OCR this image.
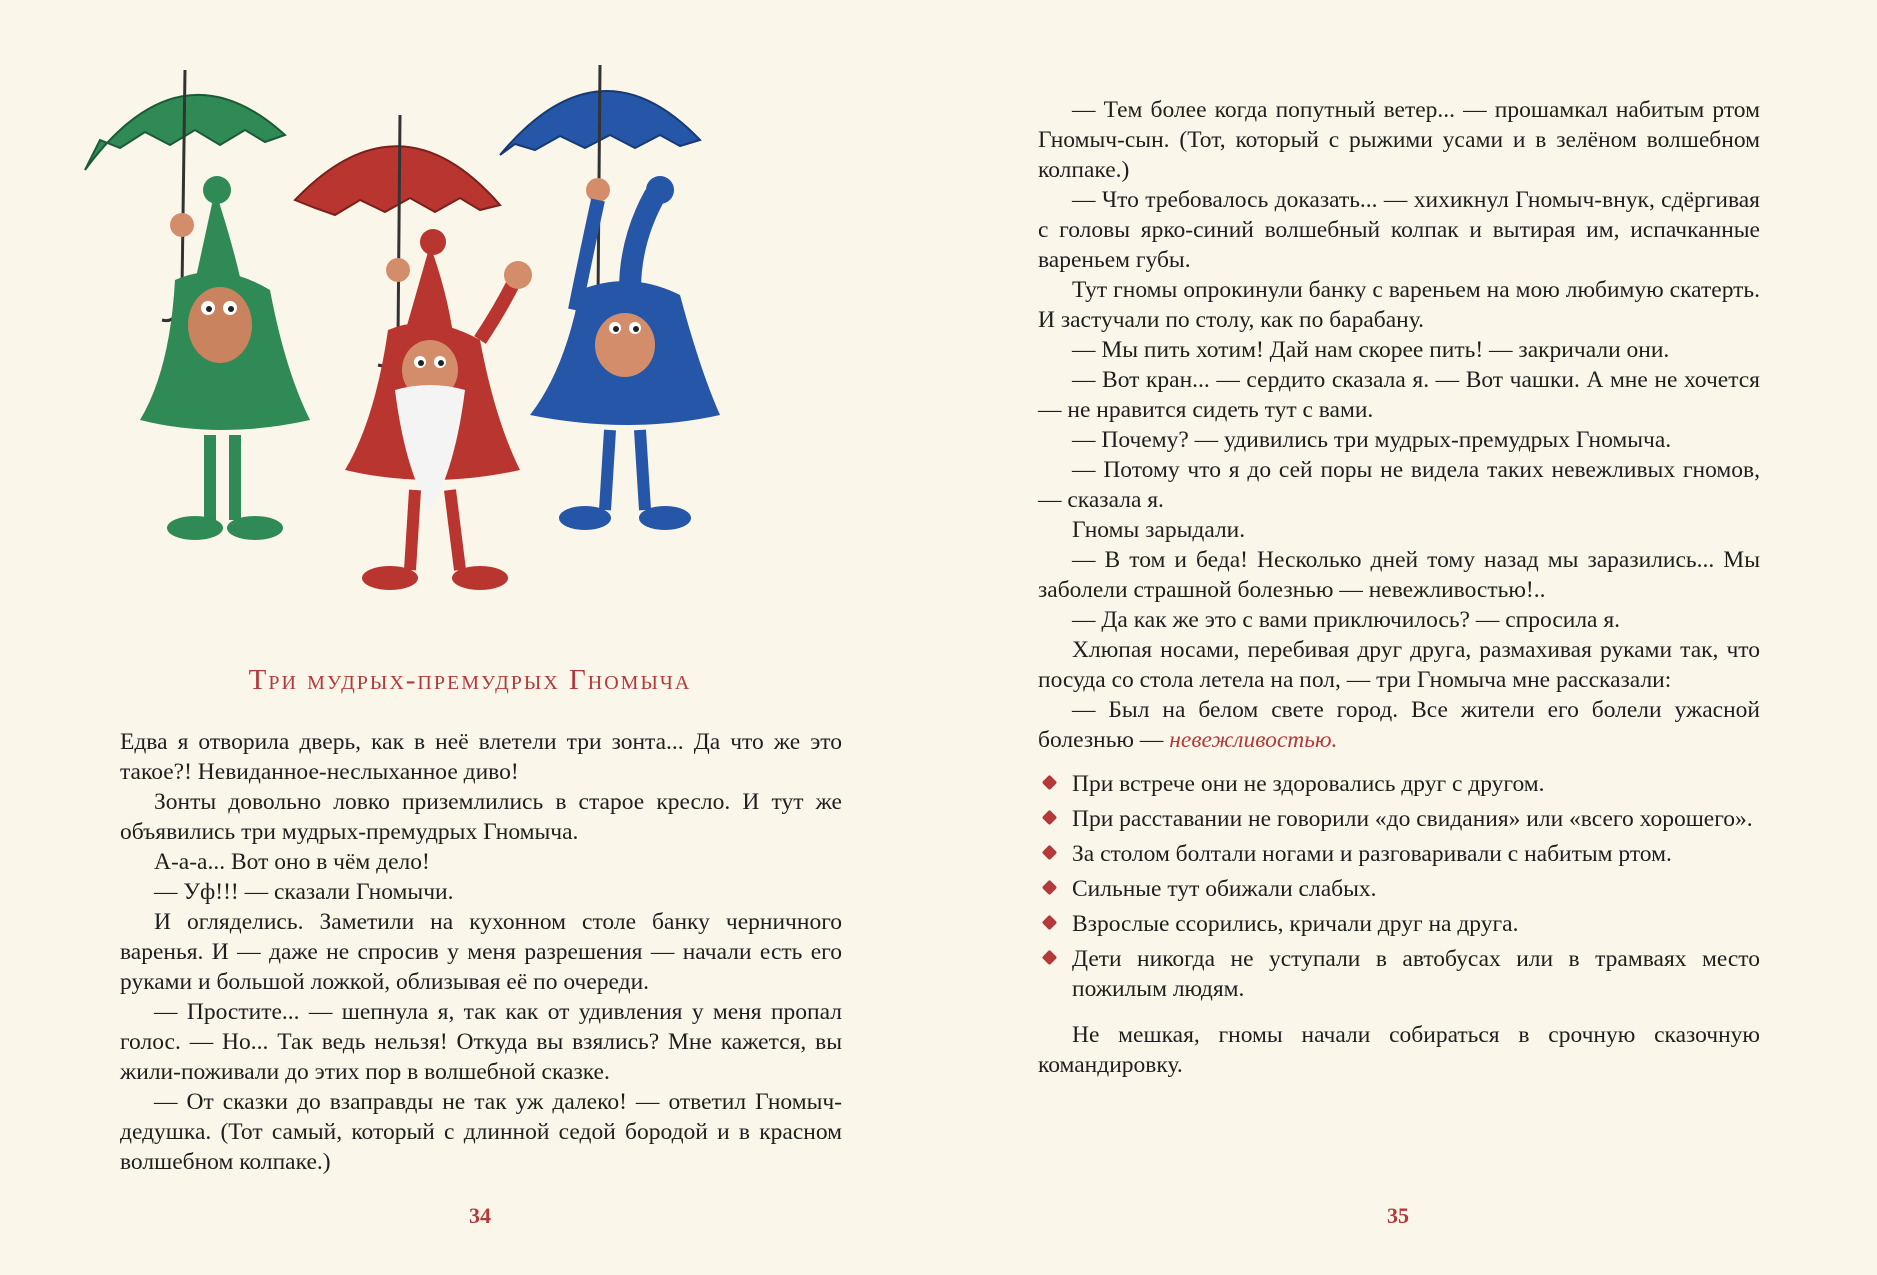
Три мудрых-премудрых Гномыча

Едва я отворила дверь, как в неё влетели три зонта... Да что же это такое?! Невиданное-неслыханное диво!

Зонты довольно ловко приземлились в старое кресло. И тут же объявились три мудрых-премудрых Гномыча.

А-а-а... Вот оно в чём дело!

— Уф!!! — сказали Гномычи.

И огляделись. Заметили на кухонном столе банку черничного варенья. И — даже не спросив у меня разрешения — начали есть его руками и большой ложкой, облизывая её по очереди.

— Простите... — шепнула я, так как от удивления у меня пропал голос. — Но... Так ведь нельзя! Откуда вы взялись? Мне кажется, вы жили-поживали до этих пор в волшебной сказке.

— От сказки до взаправды не так уж далеко! — ответил Гномыч-дедушка. (Тот самый, который с длинной седой бородой и в красном волшебном колпаке.)

34

— Тем более когда попутный ветер... — прошамкал набитым ртом Гномыч-сын. (Тот, который с рыжими усами и в зелёном волшебном колпаке.)

— Что требовалось доказать... — хихикнул Гномыч-внук, сдёргивая с головы ярко-синий волшебный колпак и вытирая им, испачканные вареньем губы.

Тут гномы опрокинули банку с вареньем на мою любимую скатерть. И застучали по столу, как по барабану.

— Мы пить хотим! Дай нам скорее пить! — закричали они.

— Вот кран... — сердито сказала я. — Вот чашки. А мне не хочется — не нравится сидеть тут с вами.

— Почему? — удивились три мудрых-премудрых Гномыча.

— Потому что я до сей поры не видела таких невежливых гномов, — сказала я.

Гномы зарыдали.

— В том и беда! Несколько дней тому назад мы заразились... Мы заболели страшной болезнью — невежливостью!..

— Да как же это с вами приключилось? — спросила я.

Хлюпая носами, перебивая друг друга, размахивая руками так, что посуда со стола летела на пол, — три Гномыча мне рассказали:

— Был на белом свете город. Все жители его болели ужасной болезнью — невежливостью.

При встрече они не здоровались друг с другом.
При расставании не говорили «до свидания» или «всего хорошего».
За столом болтали ногами и разговаривали с набитым ртом.
Сильные тут обижали слабых.
Взрослые ссорились, кричали друг на друга.
Дети никогда не уступали в автобусах или в трамваях место пожилым людям.

Не мешкая, гномы начали собираться в срочную сказочную командировку.

35
